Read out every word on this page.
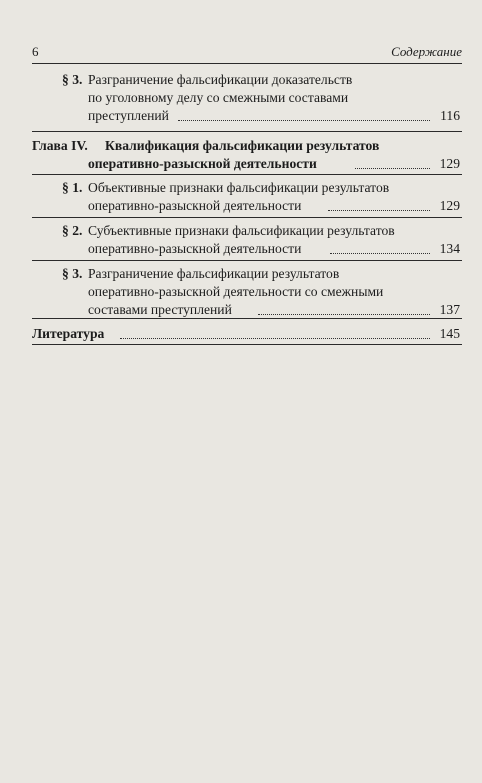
6	Содержание
§ 3. Разграничение фальсификации доказательств
по уголовному делу со смежными составами
преступлений	116
Глава IV. Квалификация фальсификации результатов
оперативно-разыскной деятельности	129
§ 1. Объективные признаки фальсификации результатов
оперативно-разыскной деятельности	129
§ 2. Субъективные признаки фальсификации результатов
оперативно-разыскной деятельности	134
§ 3. Разграничение фальсификации результатов
оперативно-разыскной деятельности со смежными
составами преступлений	137
Литература	145
